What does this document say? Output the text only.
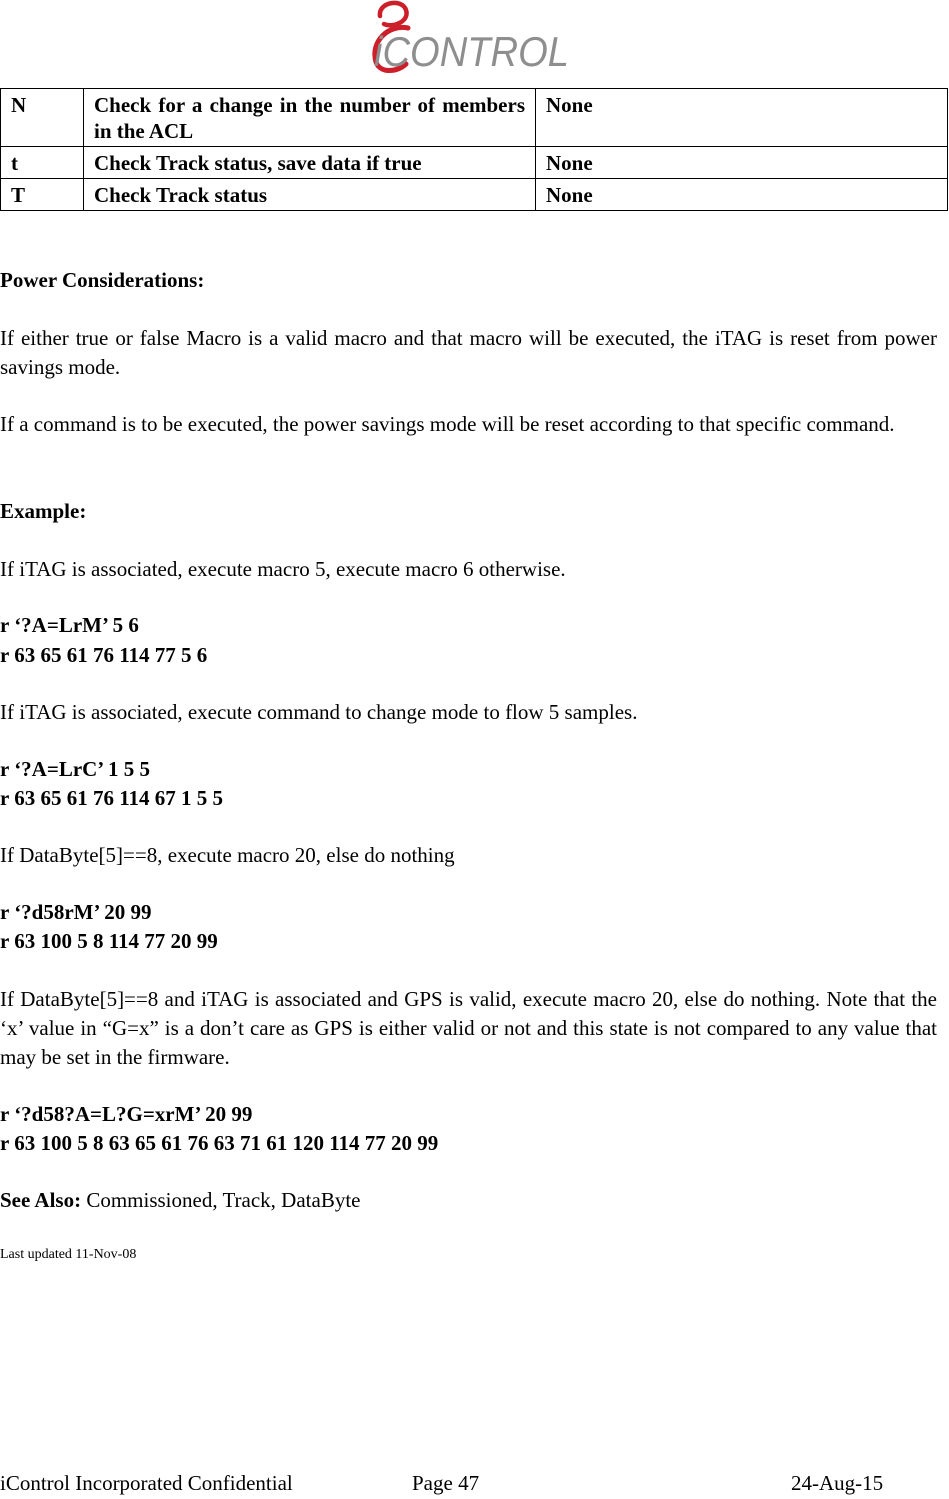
iCONTROL
N	Check for a change in the number of members in the ACL	None
t	Check Track status, save data if true	None
T	Check Track status	None
Power Considerations:
If either true or false Macro is a valid macro and that macro will be executed, the iTAG is reset from power savings mode.
If a command is to be executed, the power savings mode will be reset according to that specific command.
Example:
If iTAG is associated, execute macro 5, execute macro 6 otherwise.
r ‘?A=LrM’ 5 6
r 63 65 61 76 114 77 5 6
If iTAG is associated, execute command to change mode to flow 5 samples.
r ‘?A=LrC’ 1 5 5
r 63 65 61 76 114 67 1 5 5
If DataByte[5]==8, execute macro 20, else do nothing
r ‘?d58rM’ 20 99
r 63 100 5 8 114 77 20 99
If DataByte[5]==8 and iTAG is associated and GPS is valid, execute macro 20, else do nothing. Note that the ‘x’ value in “G=x” is a don’t care as GPS is either valid or not and this state is not compared to any value that may be set in the firmware.
r ‘?d58?A=L?G=xrM’ 20 99
r 63 100 5 8 63 65 61 76 63 71 61 120 114 77 20 99
See Also: Commissioned, Track, DataByte
Last updated 11-Nov-08
iControl Incorporated Confidential	Page 47	24-Aug-15
